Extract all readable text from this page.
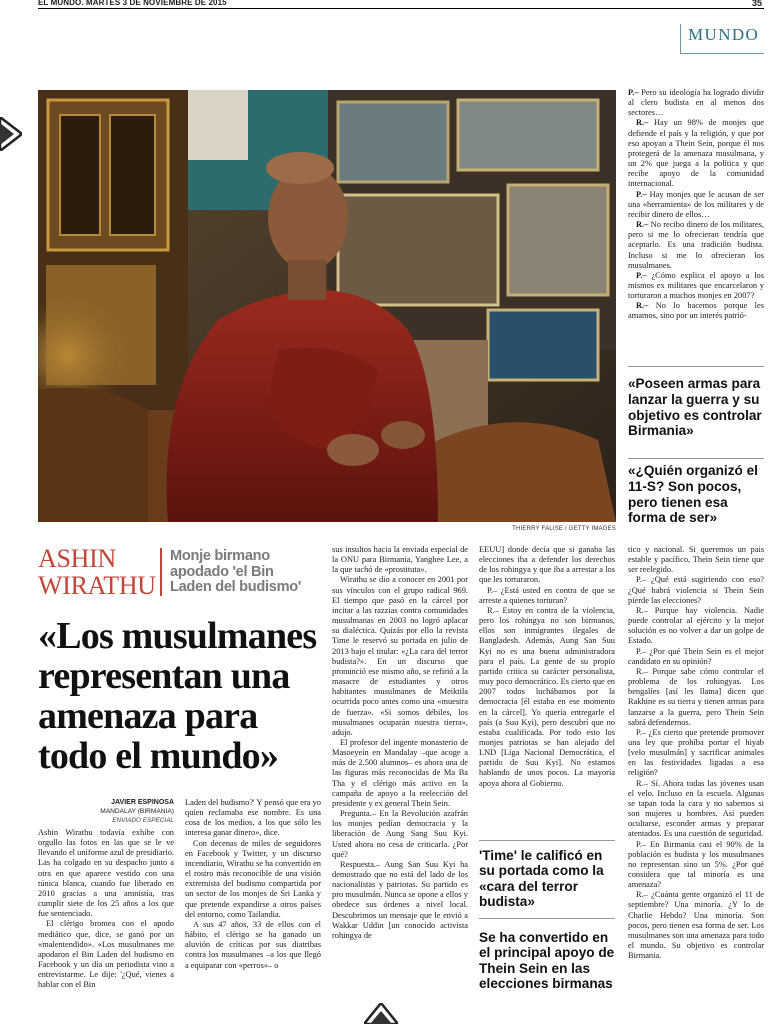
EL MUNDO. MARTES 3 DE NOVIEMBRE DE 2015	35
MUNDO
THIERRY FALISE / GETTY IMAGES

P.– Pero su ideología ha logrado dividir al clero budista en al menos dos sectores…

R.– Hay un 98% de monjes que defiende el país y la religión, y que por eso apoyan a Thein Sein, porque él nos protegerá de la amenaza musulmana, y un 2% que juega a la política y que recibe apoyo de la comunidad internacional.

P.– Hay monjes que le acusan de ser una «herramienta» de los militares y de recibir dinero de ellos…

R.– No recibo dinero de los militares, pero si me lo ofrecieran tendría que aceptarlo. Es una tradición budista. Incluso si me lo ofrecieran los musulmanes.

P.– ¿Cómo explica el apoyo a los mismos ex militares que encarcelaron y torturaron a muchos monjes en 2007?

R.– No lo hacemos porque les amamos, sino por un interés patrió-

«Poseen armas para lanzar la guerra y su objetivo es controlar Birmania»
«¿Quién organizó el 11-S? Son pocos, pero tienen esa forma de ser»
ASHIN
WIRATHU
Monje birmano
apodado 'el Bin
Laden del budismo'
«Los musulmanes representan una amenaza para todo el mundo»
JAVIER ESPINOSA
MANDALAY (BIRMANIA)
ENVIADO ESPECIAL

Ashin Wirathu todavía exhibe con orgullo las fotos en las que se le ve llevando el uniforme azul de presidiario. Las ha colgado en su despacho junto a otra en que aparece vestido con una túnica blanca, cuando fue liberado en 2010 gracias a una amnistía, tras cumplir siete de los 25 años a los que fue sentenciado.

El clérigo bromea con el apodo mediático que, dice, se ganó por un «malentendido». «Los musulmanes me apodaron el Bin Laden del budismo en Facebook y un día un periodista vino a entrevistarme. Le dije: '¿Qué, vienes a hablar con el Bin

Laden del budismo?' Y pensó que era yo quien reclamaba ese nombre. Es una cosa de los medios, a los que sólo les interesa ganar dinero», dice.

Con decenas de miles de seguidores en Facebook y Twitter, y un discurso incendiario, Wirathu se ha convertido en el rostro más reconocible de una visión extremista del budismo compartida por un sector de los monjes de Sri Lanka y que pretende expandirse a otros países del entorno, como Tailandia.

A sus 47 años, 33 de ellos con el hábito, el clérigo se ha ganado un aluvión de críticas por sus diatribas contra los musulmanes –a los que llegó a equiparar con «perros»– o

sus insultos hacia la enviada especial de la ONU para Birmania, Yanghee Lee, a la que tachó de «prostituta».

Wirathu se dio a conocer en 2001 por sus vínculos con el grupo radical 969. El tiempo que pasó en la cárcel por incitar a las razzias contra comunidades musulmanas en 2003 no logró aplacar su dialéctica. Quizás por ello la revista Time le reservó su portada en julio de 2013 bajo el titular: «¿La cara del terror budista?». En un discurso que pronunció ese mismo año, se refirió a la masacre de estudiantes y otros habitantes musulmanes de Meiktila ocurrida poco antes como una «muestra de fuerza». «Si somos débiles, los musulmanes ocuparán nuestra tierra», adujo.

El profesor del ingente monasterio de Masoeyein en Mandalay –que acoge a más de 2.500 alumnos– es ahora una de las figuras más reconocidas de Ma Ba Tha y el clérigo más activo en la campaña de apoyo a la reelección del presidente y ex general Thein Sein.

Pregunta.– En la Revolución azafrán los monjes pedían democracia y la liberación de Aung Sang Suu Kyi. Usted ahora no cesa de criticarla. ¿Por qué?

Respuesta.– Aung San Suu Kyi ha demostrado que no está del lado de los nacionalistas y patriotas. Su partido es pro musulmán. Nunca se opone a ellos y obedece sus órdenes a nivel local. Descubrimos un mensaje que le envió a Wakkar Uddin [un conocido activista rohingya de

EEUU] donde decía que si ganaba las elecciones iba a defender los derechos de los rohingya y que iba a arrestar a los que les torturaron.

P.– ¿Está usted en contra de que se arreste a quienes torturan?

R.– Estoy en contra de la violencia, pero los rohingya no son birmanos, ellos son inmigrantes ilegales de Bangladesh. Además, Aung San Suu Kyi no es una buena administradora para el país. La gente de su propio partido critica su carácter personalista, muy poco democrático. Es cierto que en 2007 todos luchábamos por la democracia [él estaba en ese momento en la cárcel]. Yo quería entregarle el país (a Suu Kyi), pero descubrí que no estaba cualificada. Por todo esto los monjes patriotas se han alejado del LND [Liga Nacional Democrática, el partido de Suu Kyi]. No estamos hablando de unos pocos. La mayoría apoya ahora al Gobierno.

'Time' le calificó en su portada como la «cara del terror budista»
Se ha convertido en el principal apoyo de Thein Sein en las elecciones birmanas

tico y nacional. Si queremos un país estable y pacífico, Thein Sein tiene que ser reelegido.

P.– ¿Qué está sugiriendo con eso? ¿Qué habrá violencia si Thein Sein pierde las elecciones?

R.– Porque hay violencia. Nadie puede controlar al ejército y la mejor solución es no volver a dar un golpe de Estado.

P.– ¿Por qué Thein Sein es el mejor candidato en su opinión?

R.– Porque sabe cómo controlar el problema de los rohingyas. Los bengalíes [así les llama] dicen que Rakhine es su tierra y tienen armas para lanzarse a la guerra, pero Thein Sein sabrá defendernos.

P.– ¿Es cierto que pretende promover una ley que prohíba portar el hiyab [velo musulmán] y sacrificar animales en las festividades ligadas a esa religión?

R.– Sí. Ahora todas las jóvenes usan el velo. Incluso en la escuela. Algunas se tapan toda la cara y no sabemos si son mujeres u hombres. Así pueden ocultarse, esconder armas y preparar atentados. Es una cuestión de seguridad.

P.– En Birmania casi el 90% de la población es budista y los musulmanes no representan sino un 5%. ¿Por qué considera que tal minoría es una amenaza?

R.– ¿Cuánta gente organizó el 11 de septiembre? Una minoría. ¿Y lo de Charlie Hebdo? Una minoría. Son pocos, pero tienen esa forma de ser. Los musulmanes son una amenaza para todo el mundo. Su objetivo es controlar Birmania.
